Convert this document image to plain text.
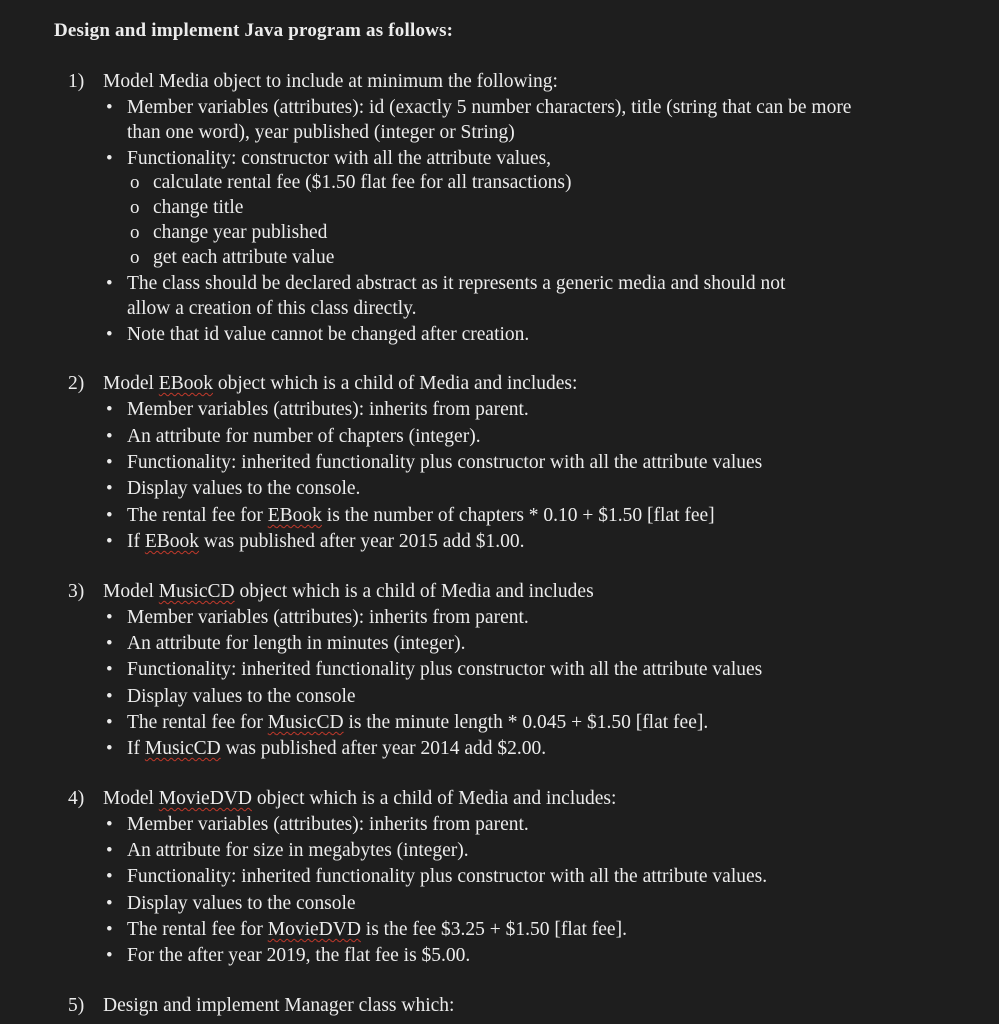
Design and implement Java program as follows:
1) Model Media object to include at minimum the following:
• Member variables (attributes): id (exactly 5 number characters), title (string that can be more
than one word), year published (integer or String)
• Functionality: constructor with all the attribute values,
o calculate rental fee ($1.50 flat fee for all transactions)
o change title
o change year published
o get each attribute value
• The class should be declared abstract as it represents a generic media and should not
allow a creation of this class directly.
• Note that id value cannot be changed after creation.
2) Model EBook object which is a child of Media and includes:
• Member variables (attributes): inherits from parent.
• An attribute for number of chapters (integer).
• Functionality: inherited functionality plus constructor with all the attribute values
• Display values to the console.
• The rental fee for EBook is the number of chapters * 0.10 + $1.50 [flat fee]
• If EBook was published after year 2015 add $1.00.
3) Model MusicCD object which is a child of Media and includes
• Member variables (attributes): inherits from parent.
• An attribute for length in minutes (integer).
• Functionality: inherited functionality plus constructor with all the attribute values
• Display values to the console
• The rental fee for MusicCD is the minute length * 0.045 + $1.50 [flat fee].
• If MusicCD was published after year 2014 add $2.00.
4) Model MovieDVD object which is a child of Media and includes:
• Member variables (attributes): inherits from parent.
• An attribute for size in megabytes (integer).
• Functionality: inherited functionality plus constructor with all the attribute values.
• Display values to the console
• The rental fee for MovieDVD is the fee $3.25 + $1.50 [flat fee].
• For the after year 2019, the flat fee is $5.00.
5) Design and implement Manager class which:
